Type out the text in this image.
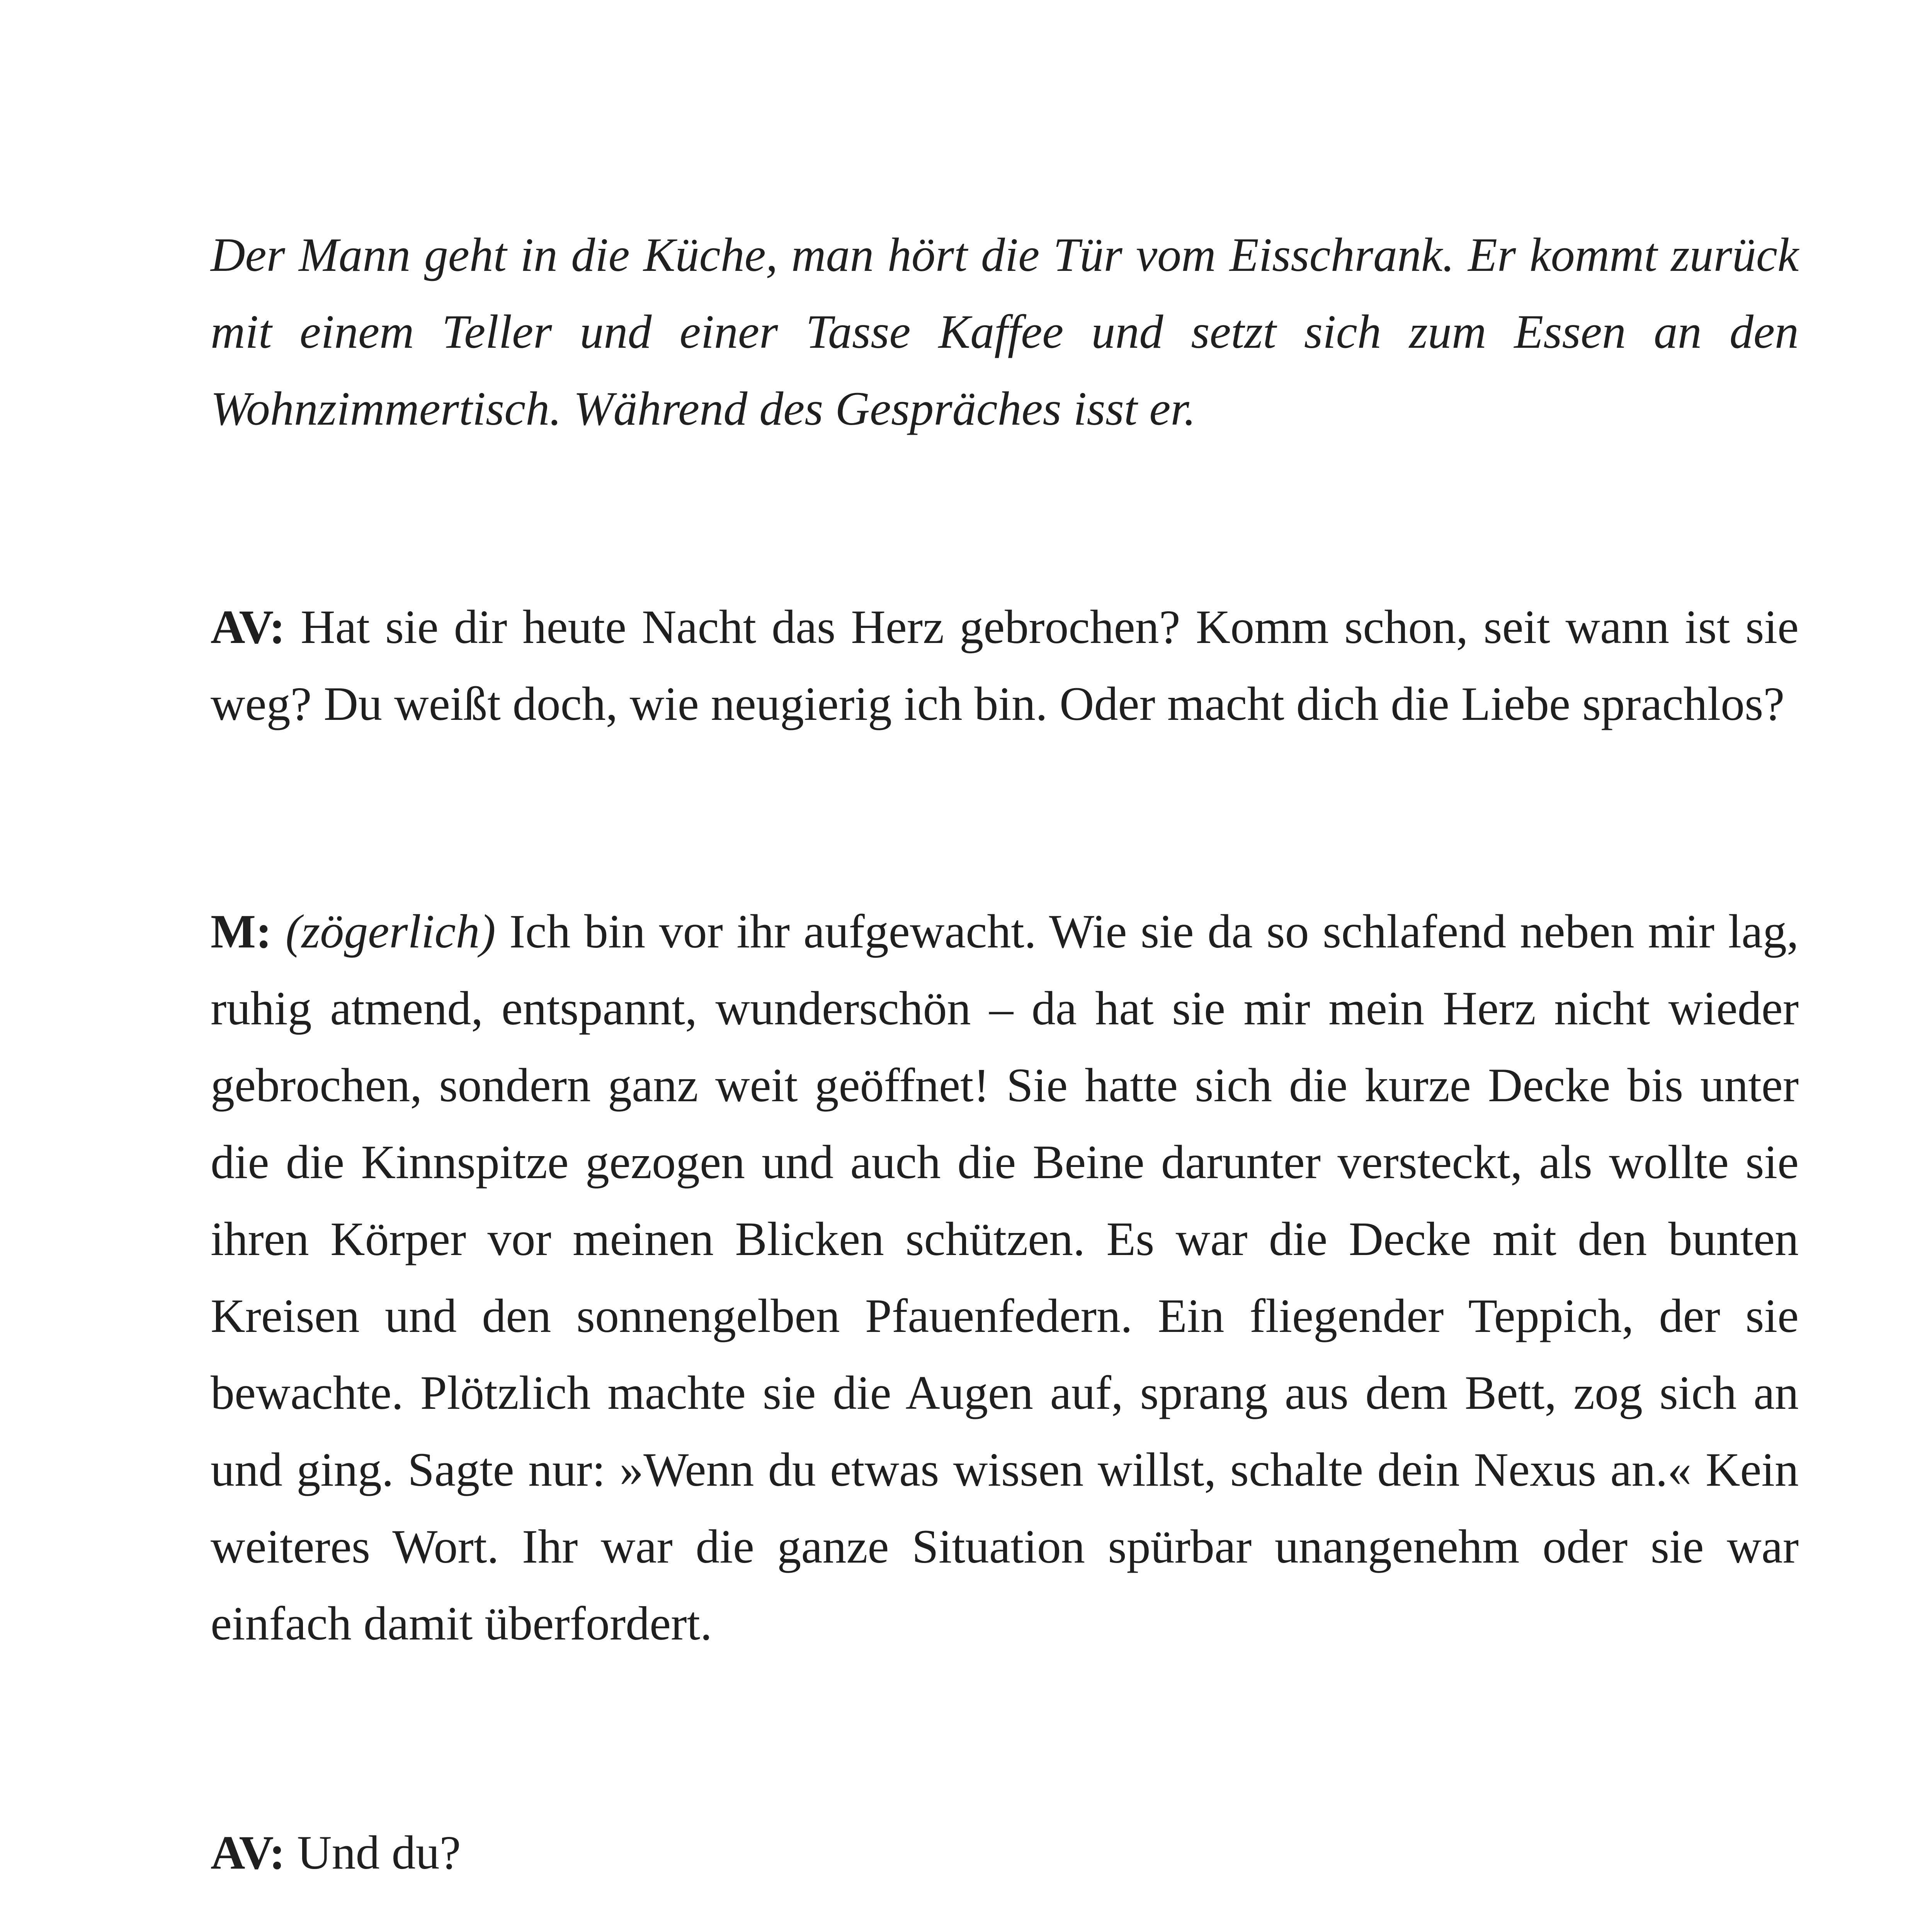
Der Mann geht in die Küche, man hört die Tür vom Eisschrank. Er kommt zurück mit einem Teller und einer Tasse Kaffee und setzt sich zum Essen an den Wohnzimmertisch. Während des Gespräches isst er.

AV: Hat sie dir heute Nacht das Herz gebrochen? Komm schon, seit wann ist sie weg? Du weißt doch, wie neugierig ich bin. Oder macht dich die Liebe sprachlos?

M: (zögerlich) Ich bin vor ihr aufgewacht. Wie sie da so schlafend neben mir lag, ruhig atmend, entspannt, wunderschön – da hat sie mir mein Herz nicht wieder gebrochen, sondern ganz weit geöffnet! Sie hatte sich die kurze Decke bis unter die die Kinnspitze gezogen und auch die Beine darunter versteckt, als wollte sie ihren Körper vor meinen Blicken schützen. Es war die Decke mit den bunten Kreisen und den sonnengelben Pfauenfedern. Ein fliegender Teppich, der sie bewachte. Plötzlich machte sie die Augen auf, sprang aus dem Bett, zog sich an und ging. Sagte nur: »Wenn du etwas wissen willst, schalte dein Nexus an.« Kein weiteres Wort. Ihr war die ganze Situation spürbar unangenehm oder sie war einfach damit überfordert.

AV: Und du?
